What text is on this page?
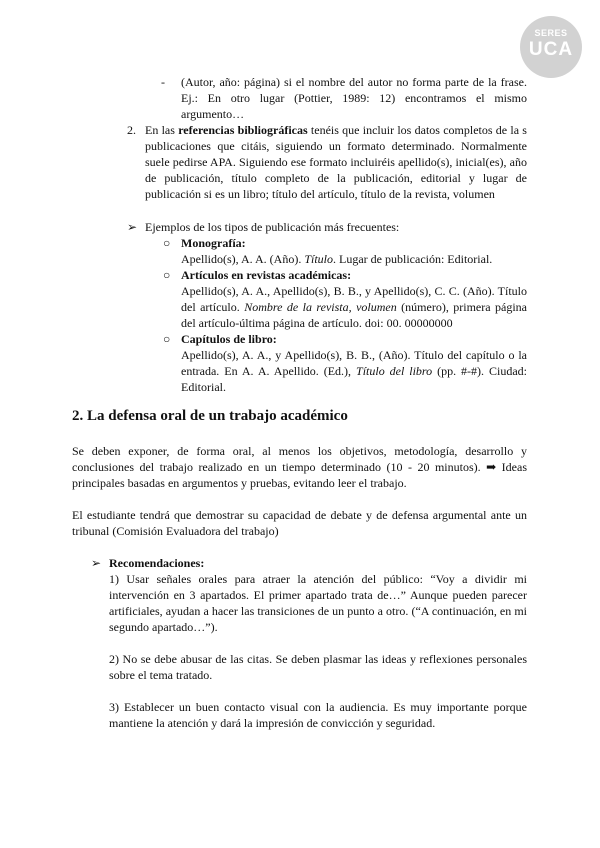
SERES
UCA
- (Autor, año: página) si el nombre del autor no forma parte de la frase. Ej.: En otro lugar (Pottier, 1989: 12) encontramos el mismo argumento…

2. En las referencias bibliográficas tenéis que incluir los datos completos de la s publicaciones que citáis, siguiendo un formato determinado. Normalmente suele pedirse APA. Siguiendo ese formato incluiréis apellido(s), inicial(es), año de publicación, título completo de la publicación, editorial y lugar de publicación si es un libro; título del artículo, título de la revista, volumen

➢ Ejemplos de los tipos de publicación más frecuentes:

○ Monografía:

Apellido(s), A. A. (Año). Título. Lugar de publicación: Editorial.

○ Artículos en revistas académicas:

Apellido(s), A. A., Apellido(s), B. B., y Apellido(s), C. C. (Año). Título del artículo. Nombre de la revista, volumen (número), primera página del artículo-última página de artículo. doi: 00. 00000000

○ Capítulos de libro:

Apellido(s), A. A., y Apellido(s), B. B., (Año). Título del capítulo o la entrada. En A. A. Apellido. (Ed.), Título del libro (pp. #-#). Ciudad: Editorial.

2. La defensa oral de un trabajo académico

Se deben exponer, de forma oral, al menos los objetivos, metodología, desarrollo y conclusiones del trabajo realizado en un tiempo determinado (10 - 20 minutos). ➡ Ideas principales basadas en argumentos y pruebas, evitando leer el trabajo.

El estudiante tendrá que demostrar su capacidad de debate y de defensa argumental ante un tribunal (Comisión Evaluadora del trabajo)

➢ Recomendaciones:

1) Usar señales orales para atraer la atención del público: “Voy a dividir mi intervención en 3 apartados. El primer apartado trata de…” Aunque pueden parecer artificiales, ayudan a hacer las transiciones de un punto a otro. (“A continuación, en mi segundo apartado…”).

2) No se debe abusar de las citas. Se deben plasmar las ideas y reflexiones personales sobre el tema tratado.

3) Establecer un buen contacto visual con la audiencia. Es muy importante porque mantiene la atención y dará la impresión de convicción y seguridad.
